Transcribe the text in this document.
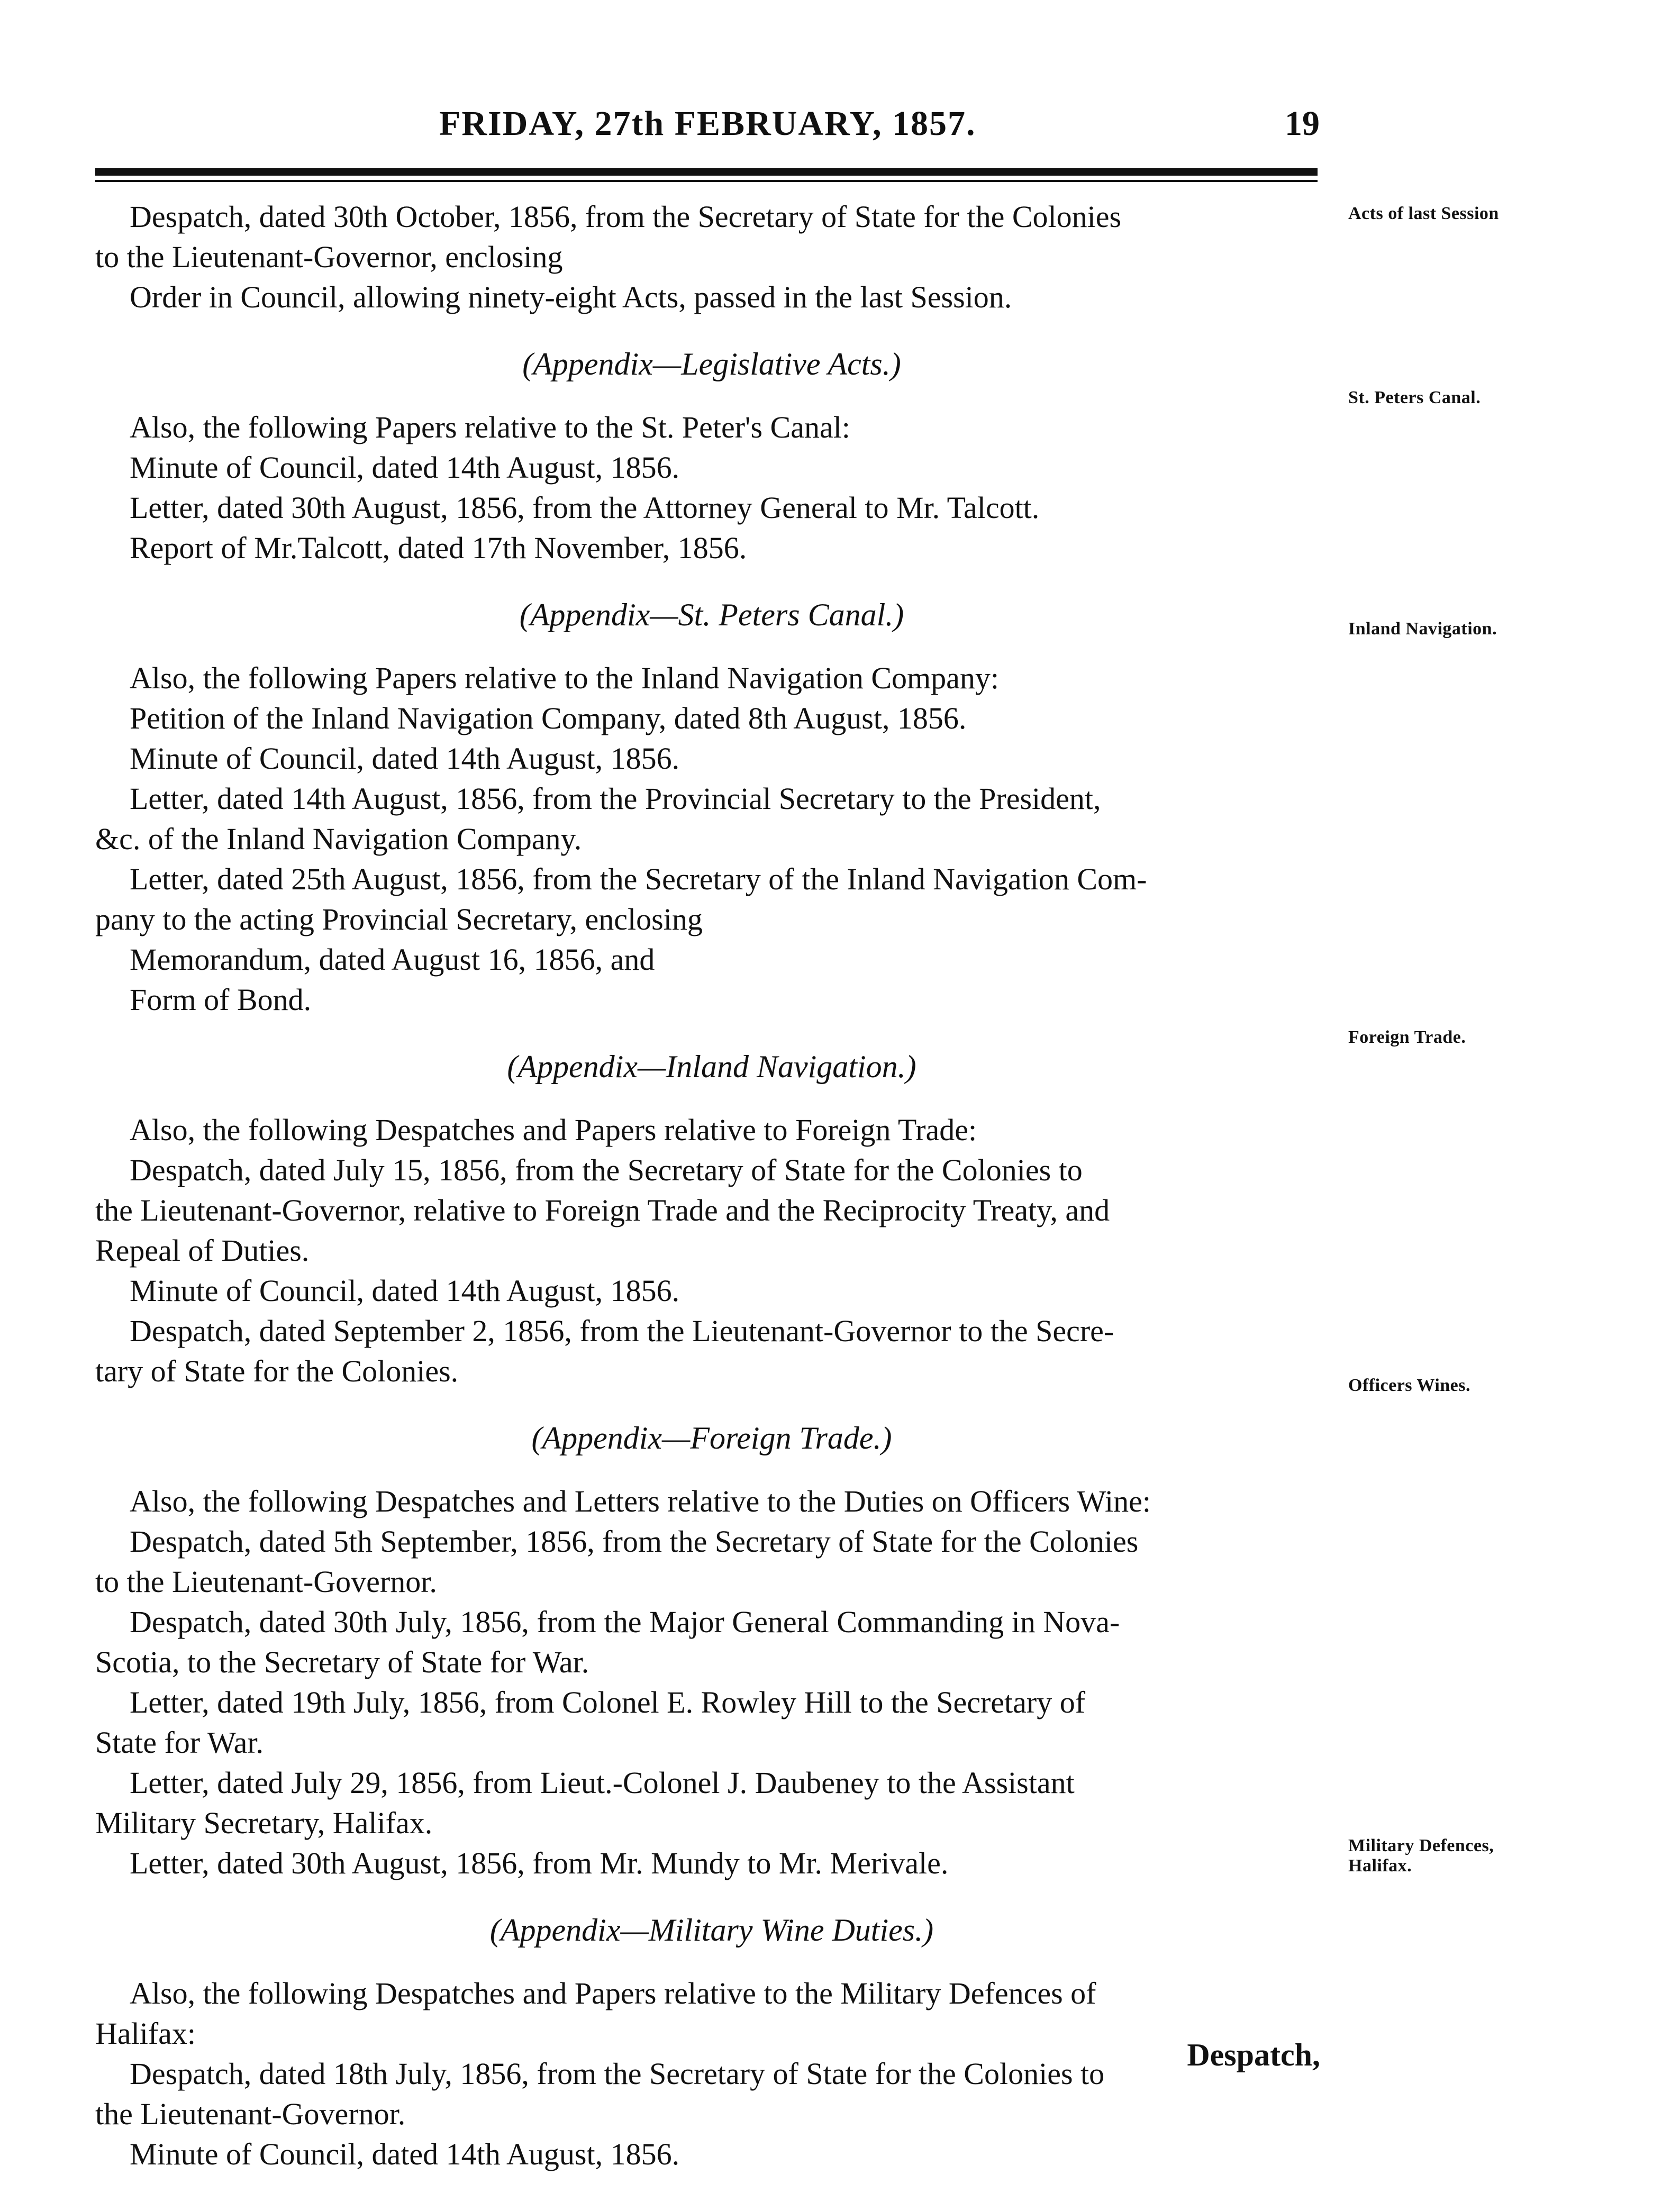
FRIDAY, 27th FEBRUARY, 1857.	19
Despatch, dated 30th October, 1856, from the Secretary of State for the Colonies
to the Lieutenant-Governor, enclosing
Order in Council, allowing ninety-eight Acts, passed in the last Session.
(Appendix—Legislative Acts.)
Also, the following Papers relative to the St. Peter's Canal:
Minute of Council, dated 14th August, 1856.
Letter, dated 30th August, 1856, from the Attorney General to Mr. Talcott.
Report of Mr.Talcott, dated 17th November, 1856.
(Appendix—St. Peters Canal.)
Also, the following Papers relative to the Inland Navigation Company:
Petition of the Inland Navigation Company, dated 8th August, 1856.
Minute of Council, dated 14th August, 1856.
Letter, dated 14th August, 1856, from the Provincial Secretary to the President,
&c. of the Inland Navigation Company.
Letter, dated 25th August, 1856, from the Secretary of the Inland Navigation Com-
pany to the acting Provincial Secretary, enclosing
Memorandum, dated August 16, 1856, and
Form of Bond.
(Appendix—Inland Navigation.)
Also, the following Despatches and Papers relative to Foreign Trade:
Despatch, dated July 15, 1856, from the Secretary of State for the Colonies to
the Lieutenant-Governor, relative to Foreign Trade and the Reciprocity Treaty, and
Repeal of Duties.
Minute of Council, dated 14th August, 1856.
Despatch, dated September 2, 1856, from the Lieutenant-Governor to the Secre-
tary of State for the Colonies.
(Appendix—Foreign Trade.)
Also, the following Despatches and Letters relative to the Duties on Officers Wine:
Despatch, dated 5th September, 1856, from the Secretary of State for the Colonies
to the Lieutenant-Governor.
Despatch, dated 30th July, 1856, from the Major General Commanding in Nova-
Scotia, to the Secretary of State for War.
Letter, dated 19th July, 1856, from Colonel E. Rowley Hill to the Secretary of
State for War.
Letter, dated July 29, 1856, from Lieut.-Colonel J. Daubeney to the Assistant
Military Secretary, Halifax.
Letter, dated 30th August, 1856, from Mr. Mundy to Mr. Merivale.
(Appendix—Military Wine Duties.)
Also, the following Despatches and Papers relative to the Military Defences of
Halifax:
Despatch, dated 18th July, 1856, from the Secretary of State for the Colonies to
the Lieutenant-Governor.
Minute of Council, dated 14th August, 1856.
Despatch,
Acts of last Session
St. Peters Canal.
Inland Navigation.
Foreign Trade.
Officers Wines.
Military Defences, Halifax.
